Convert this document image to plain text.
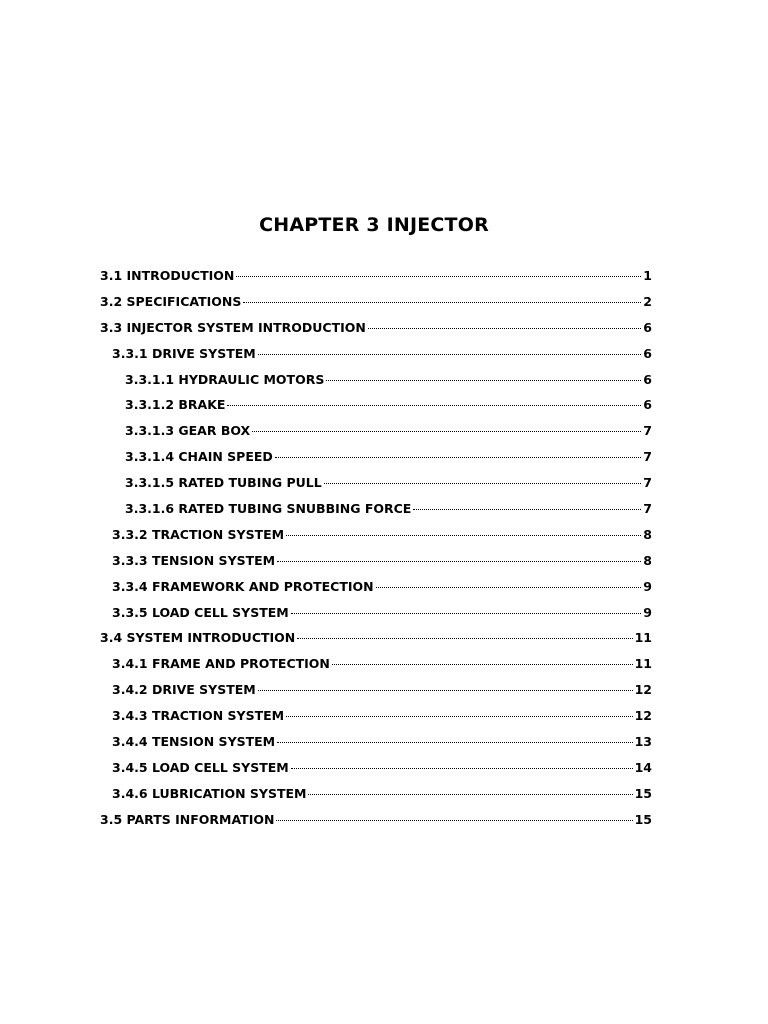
CHAPTER 3 INJECTOR
3.1 INTRODUCTION	1
3.2 SPECIFICATIONS	2
3.3 INJECTOR SYSTEM INTRODUCTION	6
3.3.1 DRIVE SYSTEM	6
3.3.1.1 HYDRAULIC MOTORS	6
3.3.1.2 BRAKE	6
3.3.1.3 GEAR BOX	7
3.3.1.4 CHAIN SPEED	7
3.3.1.5 RATED TUBING PULL	7
3.3.1.6 RATED TUBING SNUBBING FORCE	7
3.3.2 TRACTION SYSTEM	8
3.3.3 TENSION SYSTEM	8
3.3.4 FRAMEWORK AND PROTECTION	9
3.3.5 LOAD CELL SYSTEM	9
3.4 SYSTEM INTRODUCTION	11
3.4.1 FRAME AND PROTECTION	11
3.4.2 DRIVE SYSTEM	12
3.4.3 TRACTION SYSTEM	12
3.4.4 TENSION SYSTEM	13
3.4.5 LOAD CELL SYSTEM	14
3.4.6 LUBRICATION SYSTEM	15
3.5 PARTS INFORMATION	15
